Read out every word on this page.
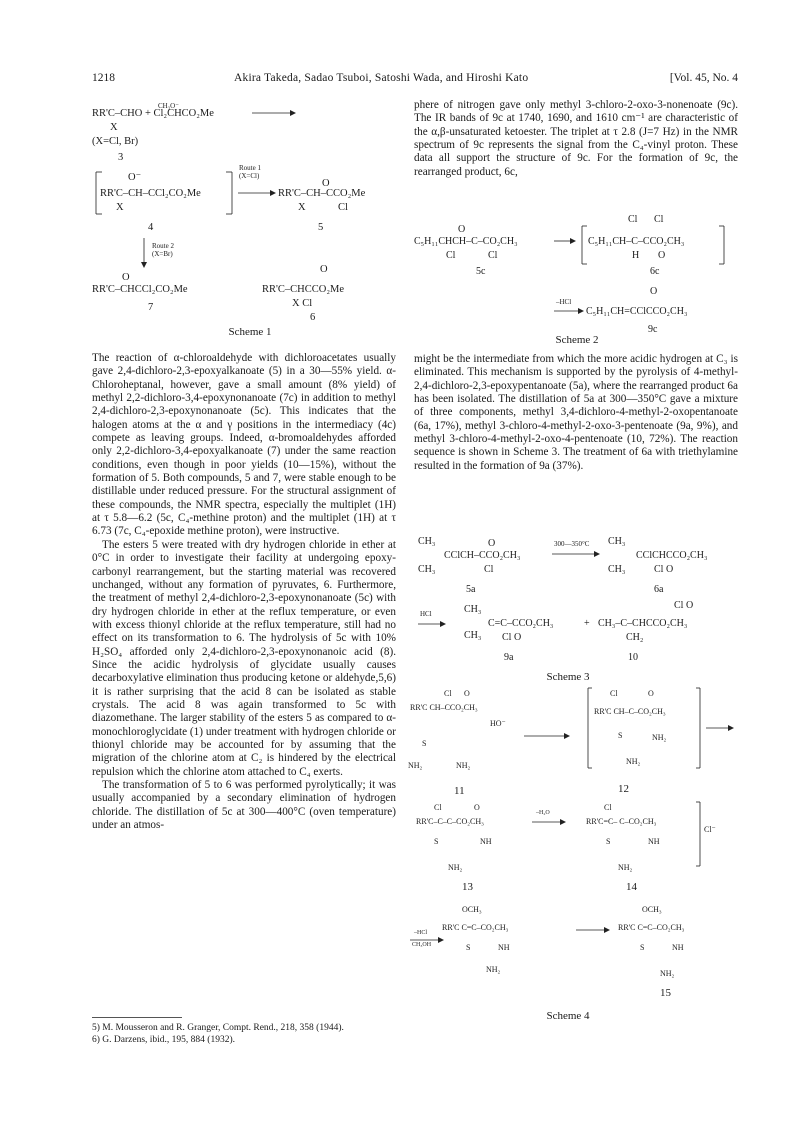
1218	Akira Takeda, Sadao Tsuboi, Satoshi Wada, and Hiroshi Kato	[Vol. 45, No. 4
CH₃O⁻
RR'C–CHO + Cl₂CHCO₂Me
X
(X=Cl, Br)
3
O⁻
RR'C–CH–CCl₂CO₂Me
X
4
Route 1
(X=Cl)
O
RR'C–CH–CCO₂Me
X	Cl
5
Route 2
(X=Br)
O
O
RR'C–CHCCl₂CO₂Me	RR'C–CHCCO₂Me
X Cl
7
6
Scheme 1

The reaction of α-chloroaldehyde with dichloroacetates usually gave 2,4-dichloro-2,3-epoxyalkanoate (5) in a 30—55% yield. α-Chloroheptanal, however, gave a small amount (8% yield) of methyl 2,2-dichloro-3,4-epoxynonanoate (7c) in addition to methyl 2,4-dichloro-2,3-epoxynonanoate (5c). This indicates that the halogen atoms at the α and γ positions in the intermediacy (4c) compete as leaving groups. Indeed, α-bromoaldehydes afforded only 2,2-dichloro-3,4-epoxyalkanoate (7) under the same reaction conditions, even though in poor yields (10—15%), without the formation of 5. Both compounds, 5 and 7, were stable enough to be distillable under reduced pressure. For the structural assignment of these compounds, the NMR spectra, especially the multiplet (1H) at τ 5.8—6.2 (5c, C₄-methine proton) and the multiplet (1H) at τ 6.73 (7c, C₄-epoxide methine proton), were instructive.

The esters 5 were treated with dry hydrogen chloride in ether at 0°C in order to investigate their facility at undergoing epoxy-carbonyl rearrangement, but the starting material was recovered unchanged, without any formation of pyruvates, 6. Furthermore, the treatment of methyl 2,4-dichloro-2,3-epoxynonanoate (5c) with dry hydrogen chloride in ether at the reflux temperature, or even with excess thionyl chloride at the reflux temperature, still had no effect on its transformation to 6. The hydrolysis of 5c with 10% H₂SO₄ afforded only 2,4-dichloro-2,3-epoxynonanoic acid (8). Since the acidic hydrolysis of glycidate usually causes decarboxylative elimination thus producing ketone or aldehyde,5,6) it is rather surprising that the acid 8 can be isolated as stable crystals. The acid 8 was again transformed to 5c with diazomethane. The larger stability of the esters 5 as compared to α-monochloroglycidate (1) under treatment with hydrogen chloride or thionyl chloride may be accounted for by assuming that the migration of the chlorine atom at C₂ is hindered by the electrical repulsion which the chlorine atom attached to C₄ exerts.

The transformation of 5 to 6 was performed pyrolytically; it was usually accompanied by a secondary elimination of hydrogen chloride. The distillation of 5c at 300—400°C (oven temperature) under an atmos-

5) M. Mousseron and R. Granger, Compt. Rend., 218, 358 (1944).
6) G. Darzens, ibid., 195, 884 (1932).

phere of nitrogen gave only methyl 3-chloro-2-oxo-3-nonenoate (9c). The IR bands of 9c at 1740, 1690, and 1610 cm⁻¹ are characteristic of the α,β-unsaturated ketoester. The triplet at τ 2.8 (J=7 Hz) in the NMR spectrum of 9c represents the signal from the C₄-vinyl proton. These data all support the structure of 9c. For the formation of 9c, the rearranged product, 6c,

O
C₅H₁₁CHCH–C–CO₂CH₃
Cl	Cl
5c
Cl Cl
C₅H₁₁CH–C–CCO₂CH₃
H O
6c
O
–HCl
C₅H₁₁CH=CClCCO₂CH₃
9c
Scheme 2

might be the intermediate from which the more acidic hydrogen at C₃ is eliminated. This mechanism is supported by the pyrolysis of 4-methyl-2,4-dichloro-2,3-epoxypentanoate (5a), where the rearranged product 6a has been isolated. The distillation of 5a at 300—350°C gave a mixture of three components, methyl 3,4-dichloro-4-methyl-2-oxopentanoate (6a, 17%), methyl 3-chloro-4-methyl-2-oxo-3-pentenoate (9a, 9%), and methyl 3-chloro-4-methyl-2-oxo-4-pentenoate (10, 72%). The reaction sequence is shown in Scheme 3. The treatment of 6a with triethylamine resulted in the formation of 9a (37%).

CH₃	O
CClCH–CCO₂CH₃
CH₃	Cl
5a
300—350°C CH₃
CClCHCCO₂CH₃
CH₃	Cl O
6a
Cl O
HCl	CH₃
C=C–CCO₂CH₃
CH₃ Cl O
9a
+ CH₃–C–CHCCO₂CH₃
CH₂
10
Scheme 3
Cl O
RR'C CH–CCO₂CH₃
HO⁻
S
NH₂	NH₂
11
Cl	O
RR'C CH–C–CO₂CH₃
S	NH₂
NH₂
12
Cl	O
RR'C–C–C–CO₂CH₃
S	NH
NH₂
13
–H₂O
Cl
RR'C=C– C–CO₂CH₃
S	NH
NH₂
Cl⁻
14
OCH₃
–HCl
CH₃OH
RR'C C=C–CO₂CH₃
S	NH
NH₂
OCH₃
RR'C C=C–CO₂CH₃
S	NH
NH₂
15
Scheme 4
